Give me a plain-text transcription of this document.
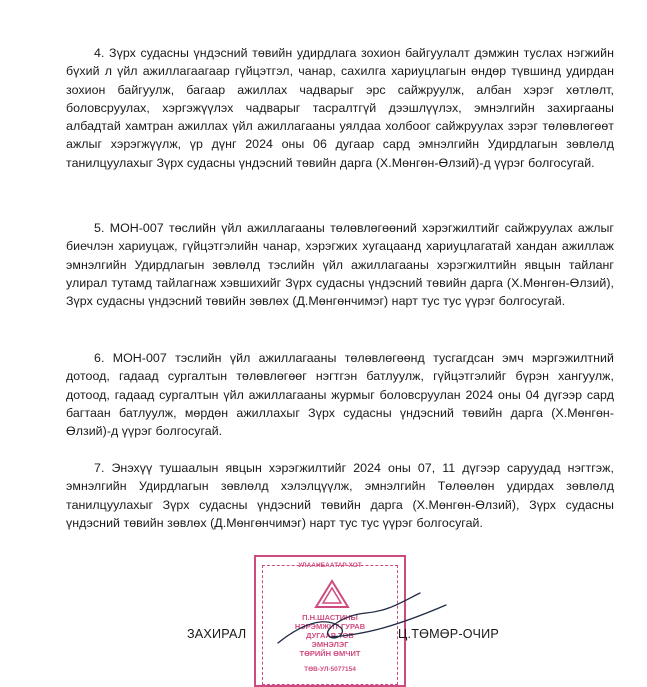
4. Зүрх судасны үндэсний төвийн удирдлага зохион байгуулалт дэмжин туслах нэгжийн бүхий л үйл ажиллагаагаар гүйцэтгэл, чанар, сахилга хариуцлагын өндөр түвшинд удирдан зохион байгуулж, багаар ажиллах чадварыг эрс сайжруулж, албан хэрэг хөтлөлт, боловсруулах, хэргэжүүлэх чадварыг тасралтгүй дээшлүүлэх, эмнэлгийн захиргааны албадтай хамтран ажиллах үйл ажиллагааны уялдаа холбоог сайжруулах зэрэг төлөвлөгөөт ажлыг хэрэгжүүлж, үр дүнг 2024 оны 06 дугаар сард эмнэлгийн Удирдлагын зөвлөлд танилцуулахыг Зүрх судасны үндэсний төвийн дарга (Х.Мөнгөн-Өлзий)-д үүрэг болгосугай.

5. МОН-007 төслийн үйл ажиллагааны төлөвлөгөөний хэрэгжилтийг сайжруулах ажлыг биечлэн хариуцаж, гүйцэтгэлийн чанар, хэрэгжих хугацаанд хариуцлагатай хандан ажиллаж эмнэлгийн Удирдлагын зөвлөлд тэслийн үйл ажиллагааны хэрэгжилтийн явцын тайланг улирал тутамд тайлагнаж хэвшихийг Зүрх судасны үндэсний төвийн дарга (Х.Мөнгөн-Өлзий), Зүрх судасны үндэсний төвийн зөвлөх (Д.Мөнгөнчимэг) нарт тус тус үүрэг болгосугай.

6. МОН-007 тэслийн үйл ажиллагааны төлөвлөгөөнд тусгагдсан эмч мэргэжилтний дотоод, гадаад сургалтын төлөвлөгөөг нэгтгэн батлуулж, гүйцэтгэлийг бүрэн хангуулж, дотоод, гадаад сургалтын үйл ажиллагааны журмыг боловсруулан 2024 оны 04 дүгээр сард багтаан батлуулж, мөрдөн ажиллахыг Зүрх судасны үндэсний төвийн дарга (Х.Мөнгөн-Өлзий)-д үүрэг болгосугай.

7. Энэхүү тушаалын явцын хэрэгжилтийг 2024 оны 07, 11 дүгээр саруудад нэгтгэж, эмнэлгийн Удирдлагын зөвлөлд хэлэлцүүлж, эмнэлгийн Төлөөлөн удирдах зөвлөлд танилцуулахыг Зүрх судасны үндэсний төвийн дарга (Х.Мөнгөн-Өлзий), Зүрх судасны үндэсний төвийн зөвлөх (Д.Мөнгөнчимэг) нарт тус тус үүрэг болгосугай.

УЛААНБААТАР ХОТ
П.Н.ШАСТИНЫ
НЭРЭМЖИТ ГУРАВ
ДУГААР ТӨВ
ЭМНЭЛЭГ
ТӨРИЙН ӨМЧИТ
ТӨВ-УЛ-5077154
ЗАХИРАЛ	Ц.ТӨМӨР-ОЧИР
